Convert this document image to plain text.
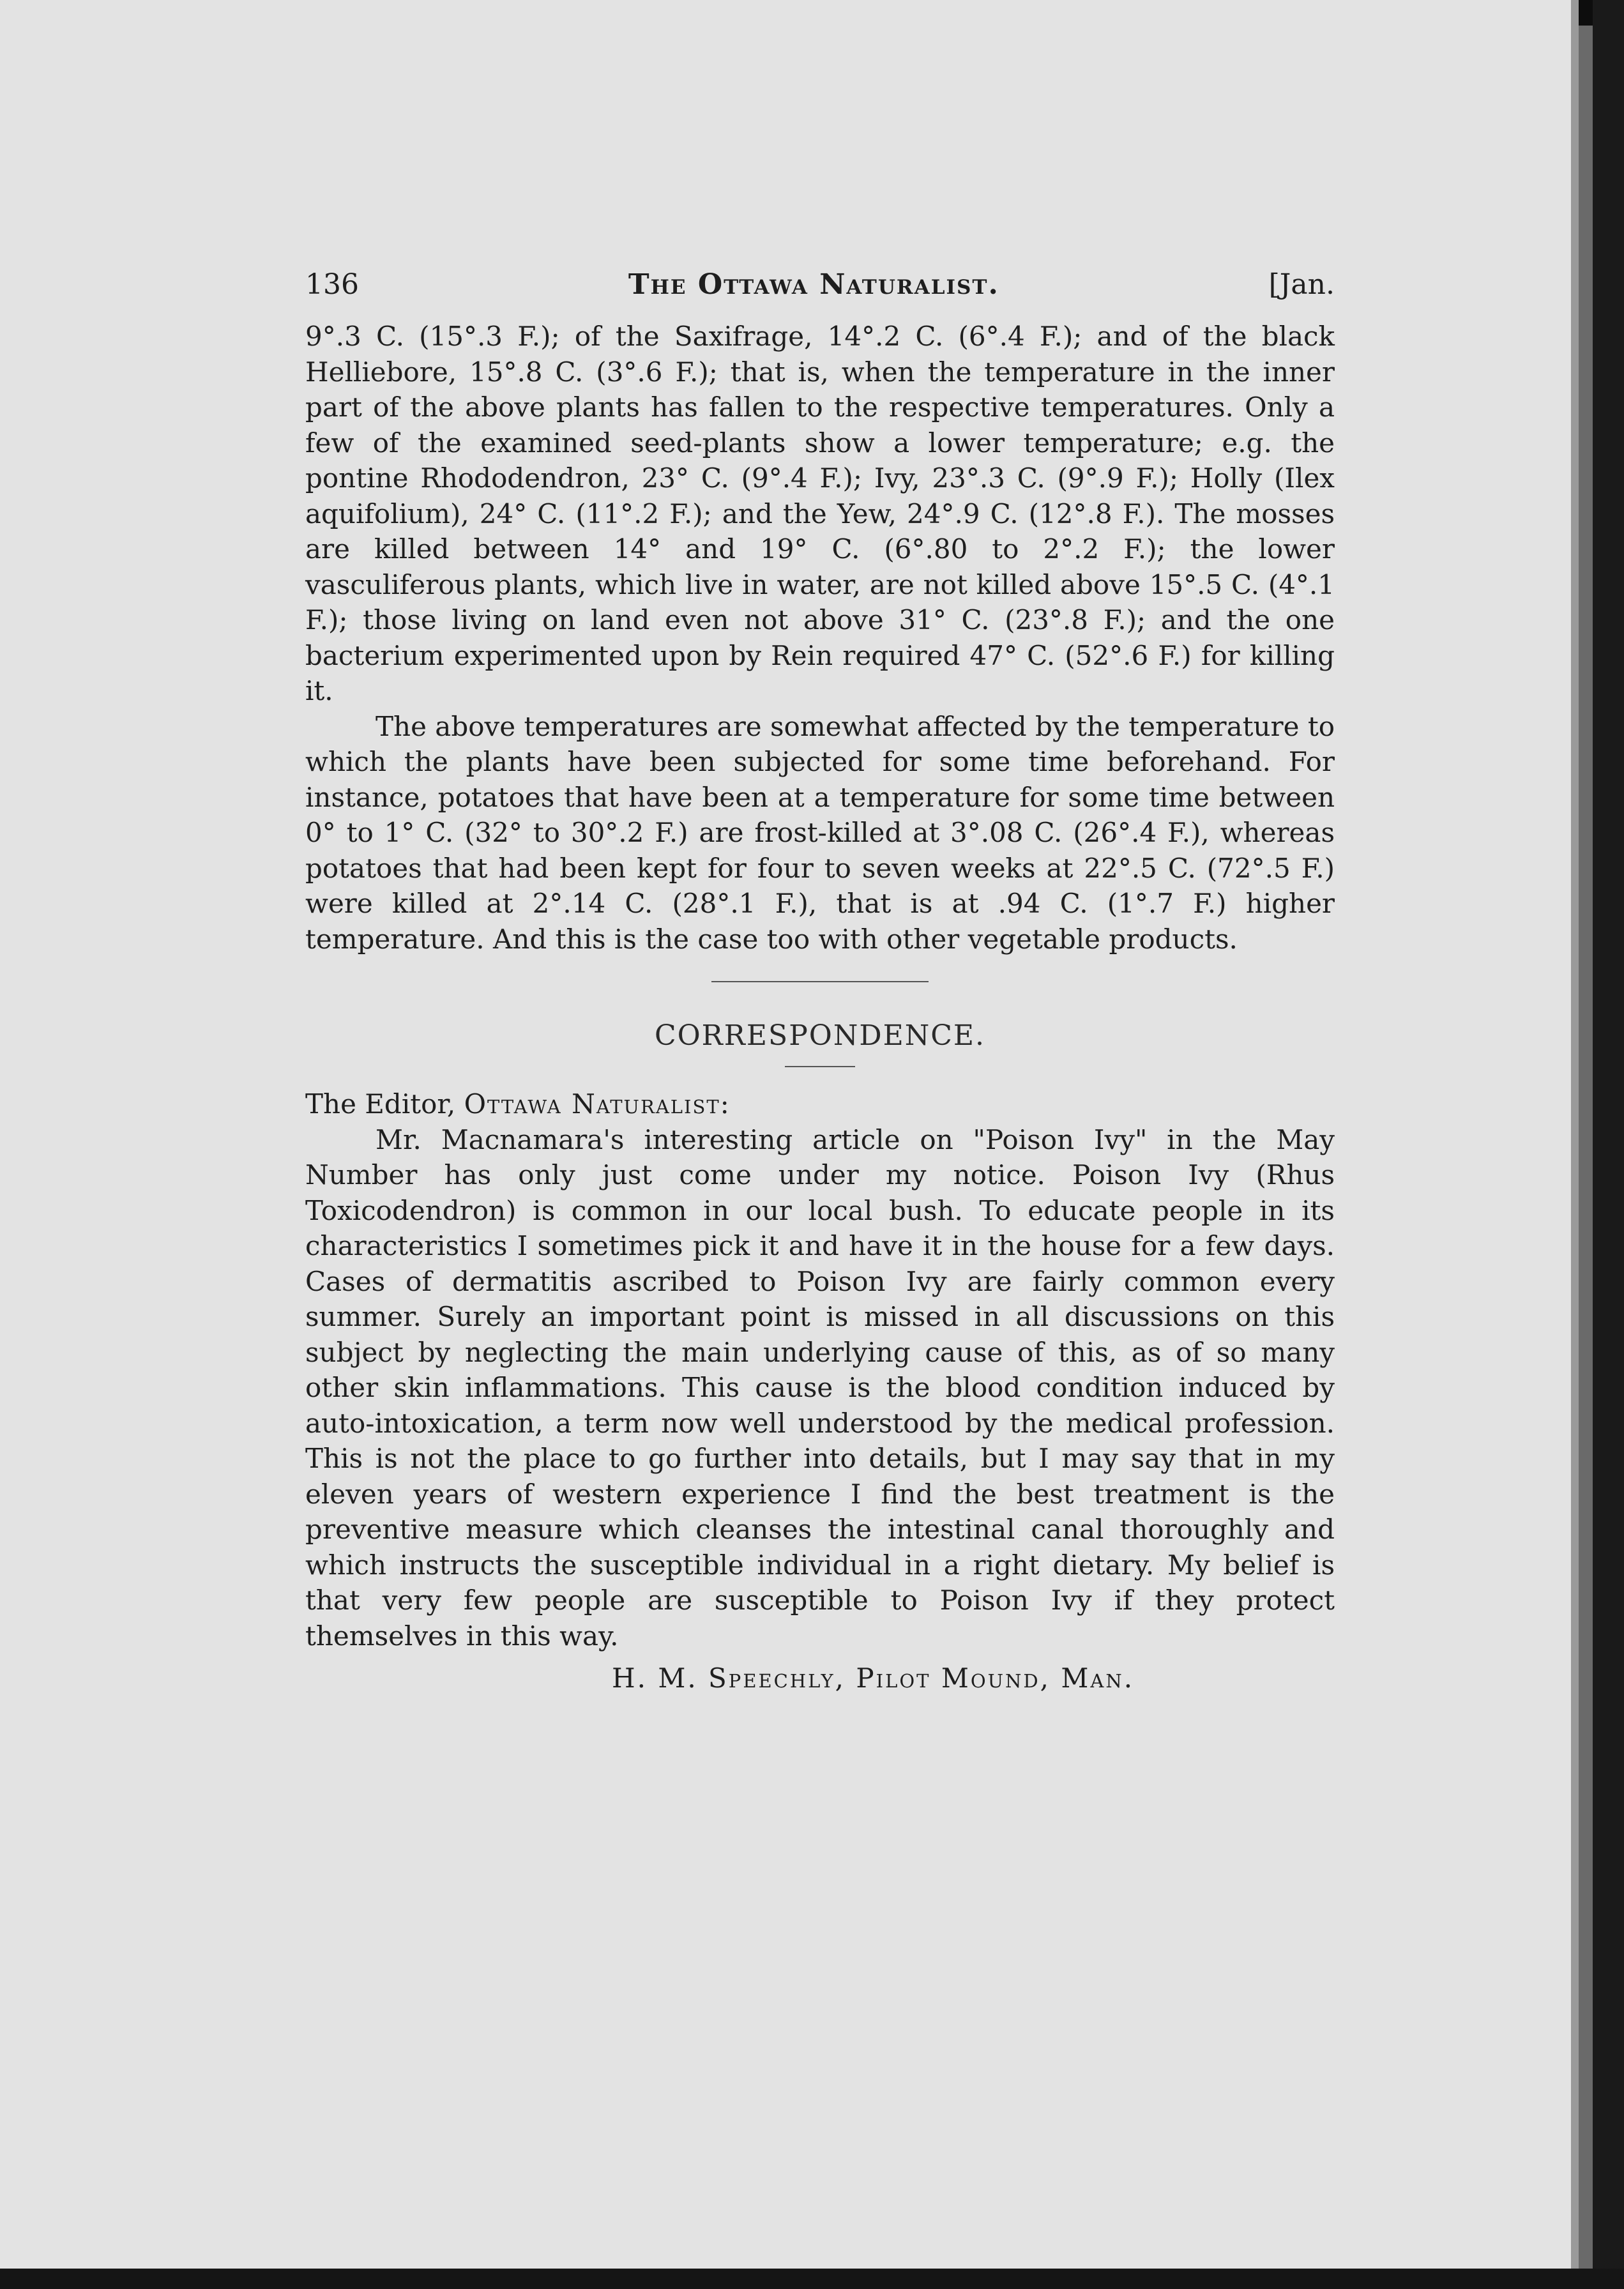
136	The Ottawa Naturalist.	[Jan.

9°.3 C. (15°.3 F.); of the Saxifrage, 14°.2 C. (6°.4 F.); and of the black Helliebore, 15°.8 C. (3°.6 F.); that is, when the temperature in the inner part of the above plants has fallen to the respective temperatures. Only a few of the examined seed-plants show a lower temperature; e.g. the pontine Rhododendron, 23° C. (9°.4 F.); Ivy, 23°.3 C. (9°.9 F.); Holly (Ilex aquifolium), 24° C. (11°.2 F.); and the Yew, 24°.9 C. (12°.8 F.). The mosses are killed between 14° and 19° C. (6°.80 to 2°.2 F.); the lower vasculiferous plants, which live in water, are not killed above 15°.5 C. (4°.1 F.); those living on land even not above 31° C. (23°.8 F.); and the one bacterium experimented upon by Rein required 47° C. (52°.6 F.) for killing it.

The above temperatures are somewhat affected by the temperature to which the plants have been subjected for some time beforehand. For instance, potatoes that have been at a temperature for some time between 0° to 1° C. (32° to 30°.2 F.) are frost-killed at 3°.08 C. (26°.4 F.), whereas potatoes that had been kept for four to seven weeks at 22°.5 C. (72°.5 F.) were killed at 2°.14 C. (28°.1 F.), that is at .94 C. (1°.7 F.) higher temperature. And this is the case too with other vegetable products.

CORRESPONDENCE.
The Editor, Ottawa Naturalist:

Mr. Macnamara's interesting article on "Poison Ivy" in the May Number has only just come under my notice. Poison Ivy (Rhus Toxicodendron) is common in our local bush. To educate people in its characteristics I sometimes pick it and have it in the house for a few days. Cases of dermatitis ascribed to Poison Ivy are fairly common every summer. Surely an important point is missed in all discussions on this subject by neglecting the main underlying cause of this, as of so many other skin inflammations. This cause is the blood condition induced by auto-intoxication, a term now well understood by the medical profession. This is not the place to go further into details, but I may say that in my eleven years of western experience I find the best treatment is the preventive measure which cleanses the intestinal canal thoroughly and which instructs the susceptible individual in a right dietary. My belief is that very few people are susceptible to Poison Ivy if they protect themselves in this way.

H. M. Speechly, Pilot Mound, Man.
